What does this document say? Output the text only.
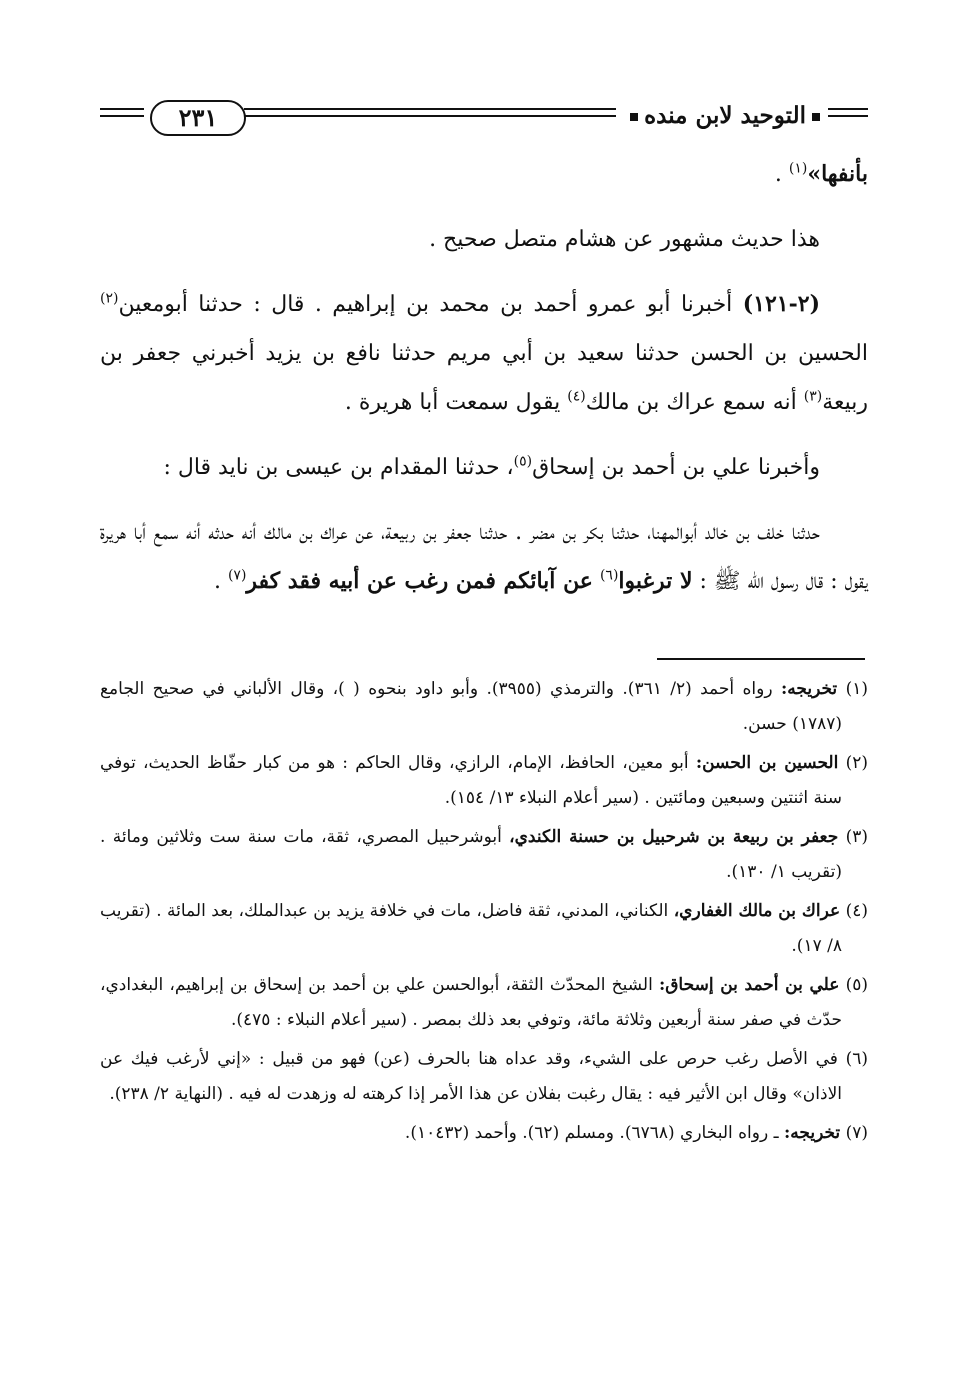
٢٣١	التوحيد لابن منده

بأنفها»$^{(١)}$ .

هذا حديث مشهور عن هشام متصل صحيح .

(٢-١٢١) أخبرنا أبو عمرو أحمد بن محمد بن إبراهيم . قال : حدثنا أبومعين$^{(٢)}$ الحسين بن الحسن حدثنا سعيد بن أبي مريم حدثنا نافع بن يزيد أخبرني جعفر بن ربيعة$^{(٣)}$ أنه سمع عراك بن مالك$^{(٤)}$ يقول سمعت أبا هريرة .

وأخبرنا علي بن أحمد بن إسحاق$^{(٥)}$، حدثنا المقدام بن عيسى بن نايد قال :

حدثنا خلف بن خالد أبوالمهنا، حدثنا بكر بن مضر . حدثنا جعفر بن ربيعة، عن عراك بن مالك أنه حدثه أنه سمع أبا هريرة يقول : قال رسول الله ﷺ : لا ترغبوا$^{(٦)}$ عن آبائكم فمن رغب عن أبيه فقد كفر$^{(٧)}$ .

(١) تخريجه: رواه أحمد (٢/ ٣٦١). والترمذي (٣٩٥٥). وأبو داود بنحوه ( )، وقال الألباني في صحيح الجامع (١٧٨٧) حسن.

(٢) الحسين بن الحسن: أبو معين، الحافظ، الإمام، الرازي، وقال الحاكم : هو من كبار حفّاظ الحديث، توفي سنة اثنتين وسبعين ومائتين . (سير أعلام النبلاء ١٣/ ١٥٤).

(٣) جعفر بن ربيعة بن شرحبيل بن حسنة الكندي، أبوشرحبيل المصري، ثقة، مات سنة ست وثلاثين ومائة . (تقريب ١/ ١٣٠).

(٤) عراك بن مالك الغفاري، الكناني، المدني، ثقة فاضل، مات في خلافة يزيد بن عبدالملك، بعد المائة . (تقريب ٨/ ١٧).

(٥) علي بن أحمد بن إسحاق: الشيخ المحدّث الثقة، أبوالحسن علي بن أحمد بن إسحاق بن إبراهيم، البغدادي، حدّث في صفر سنة أربعين وثلاثة مائة، وتوفي بعد ذلك بمصر . (سير أعلام النبلاء : ٤٧٥).

(٦) في الأصل رغب حرص على الشيء، وقد عداه هنا بالحرف (عن) فهو من قبيل : «إني لأرغب فيك عن الاذان» وقال ابن الأثير فيه : يقال رغبت بفلان عن هذا الأمر إذا كرهته له وزهدت له فيه . (النهاية ٢/ ٢٣٨).

(٧) تخريجه: ـ رواه البخاري (٦٧٦٨). ومسلم (٦٢). وأحمد (١٠٤٣٢).
